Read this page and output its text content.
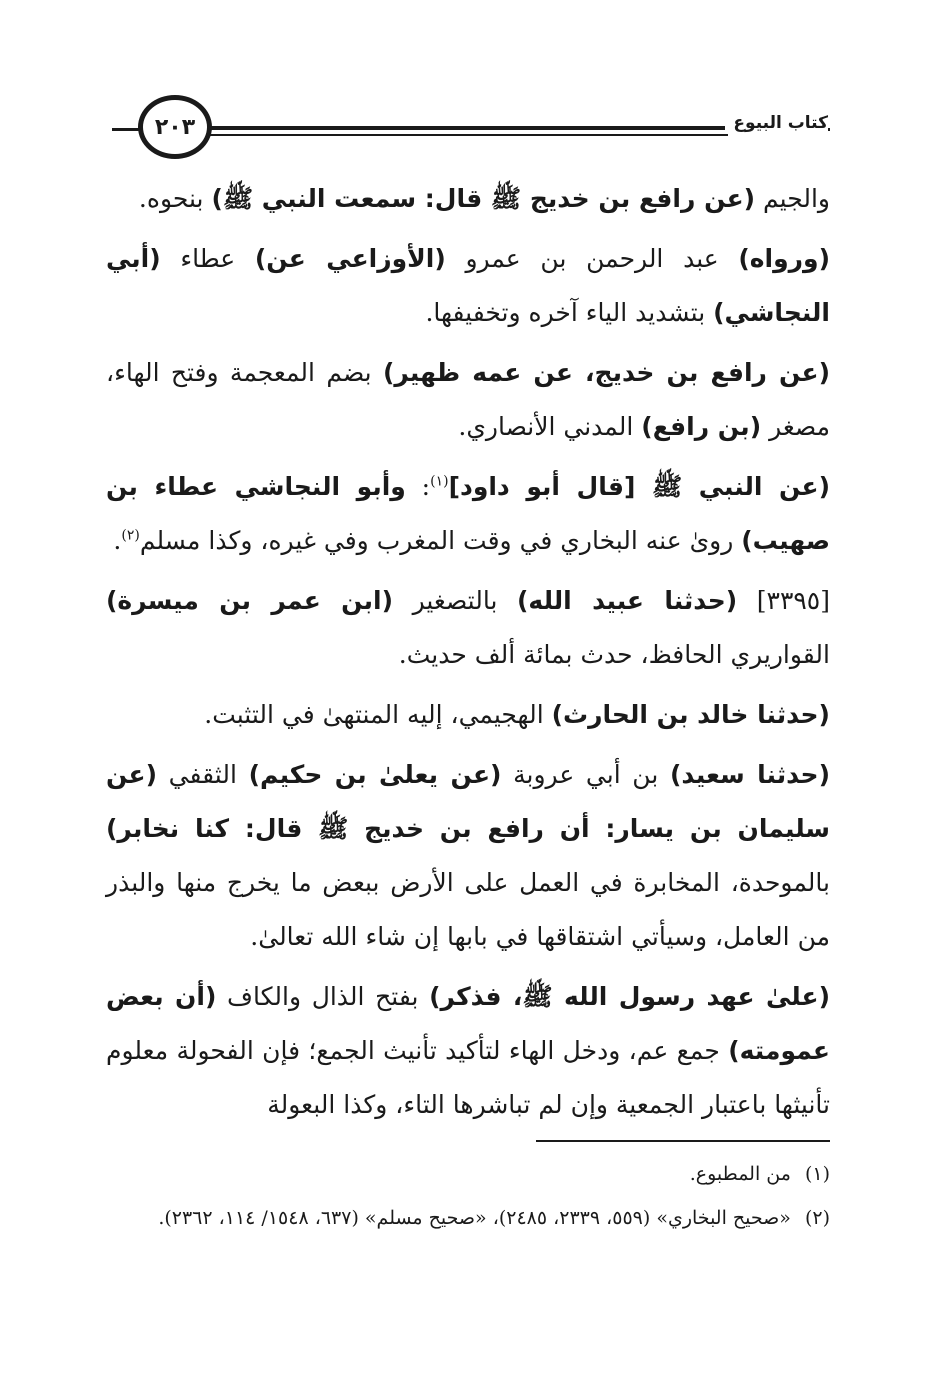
كتاب البيوع
٢٠٣

والجيم (عن رافع بن خديج ﷺ قال: سمعت النبي ﷺ) بنحوه.

(ورواه) عبد الرحمن بن عمرو (الأوزاعي عن) عطاء (أبي النجاشي) بتشديد الياء آخره وتخفيفها.

(عن رافع بن خديج، عن عمه ظهير) بضم المعجمة وفتح الهاء، مصغر (بن رافع) المدني الأنصاري.

(عن النبي ﷺ [قال أبو داود]$^{(١)}$: وأبو النجاشي عطاء بن صهيب) رویٰ عنه البخاري في وقت المغرب وفي غيره، وكذا مسلم$^{(٢)}$.

[٣٣٩٥] (حدثنا عبيد الله) بالتصغير (ابن عمر بن ميسرة) القواريري الحافظ، حدث بمائة ألف حديث.

(حدثنا خالد بن الحارث) الهجيمي، إليه المنتهىٰ في التثبت.

(حدثنا سعيد) بن أبي عروبة (عن يعلىٰ بن حكيم) الثقفي (عن سليمان بن يسار: أن رافع بن خديج ﷺ قال: كنا نخابر) بالموحدة، المخابرة في العمل على الأرض ببعض ما يخرج منها والبذر من العامل، وسيأتي اشتقاقها في بابها إن شاء الله تعالىٰ.

(علىٰ عهد رسول الله ﷺ، فذكر) بفتح الذال والكاف (أن بعض عمومته) جمع عم، ودخل الهاء لتأكيد تأنيث الجمع؛ فإن الفحولة معلوم تأنيثها باعتبار الجمعية وإن لم تباشرها التاء، وكذا البعولة

(١)من المطبوع.

(٢)«صحيح البخاري» (٥٥٩، ٢٣٣٩، ٢٤٨٥)، «صحيح مسلم» (٦٣٧، ١٥٤٨/ ١١٤، ٢٣٦٢).
